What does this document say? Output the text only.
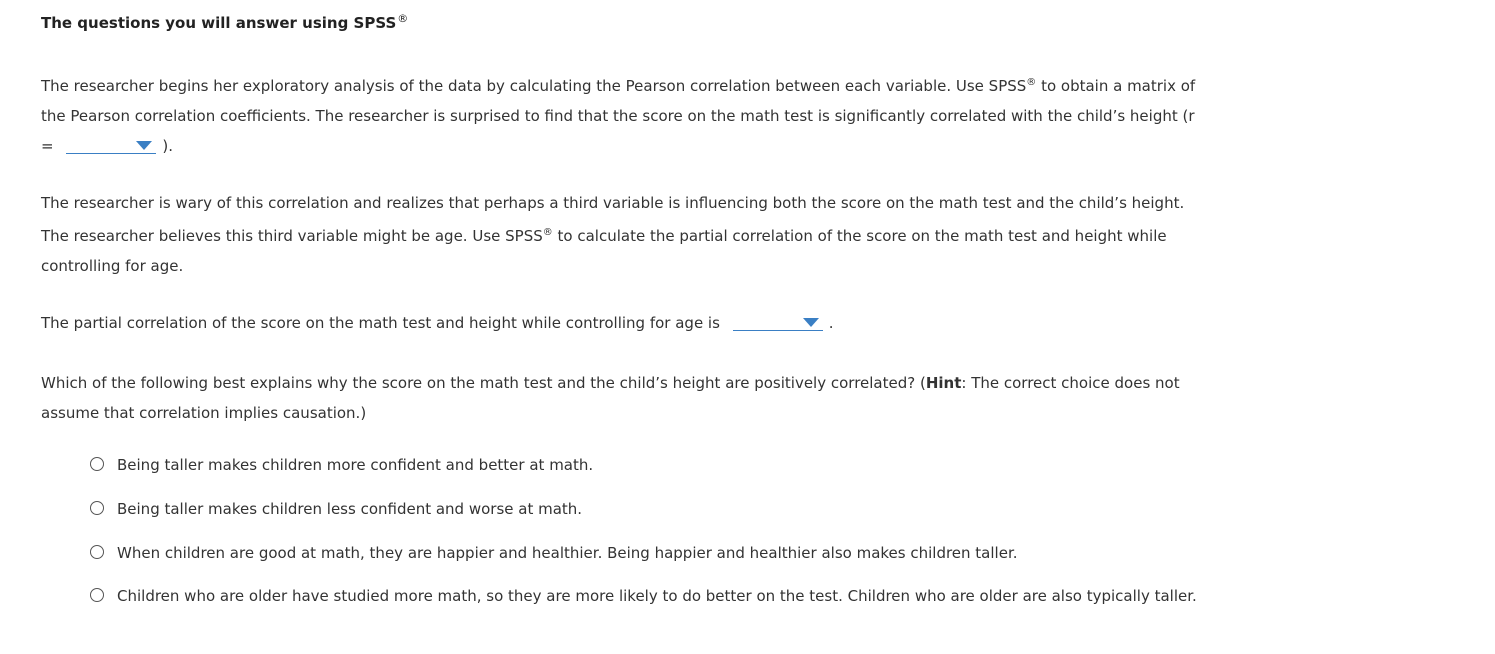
The questions you will answer using SPSS®
The researcher begins her exploratory analysis of the data by calculating the Pearson correlation between each variable. Use SPSS® to obtain a matrix of the Pearson correlation coefficients. The researcher is surprised to find that the score on the math test is significantly correlated with the child’s height (r =	).
The researcher is wary of this correlation and realizes that perhaps a third variable is influencing both the score on the math test and the child’s height. The researcher believes this third variable might be age. Use SPSS® to calculate the partial correlation of the score on the math test and height while controlling for age.
The partial correlation of the score on the math test and height while controlling for age is	.
Which of the following best explains why the score on the math test and the child’s height are positively correlated? (Hint: The correct choice does not assume that correlation implies causation.)
Being taller makes children more confident and better at math.
Being taller makes children less confident and worse at math.
When children are good at math, they are happier and healthier. Being happier and healthier also makes children taller.
Children who are older have studied more math, so they are more likely to do better on the test. Children who are older are also typically taller.
